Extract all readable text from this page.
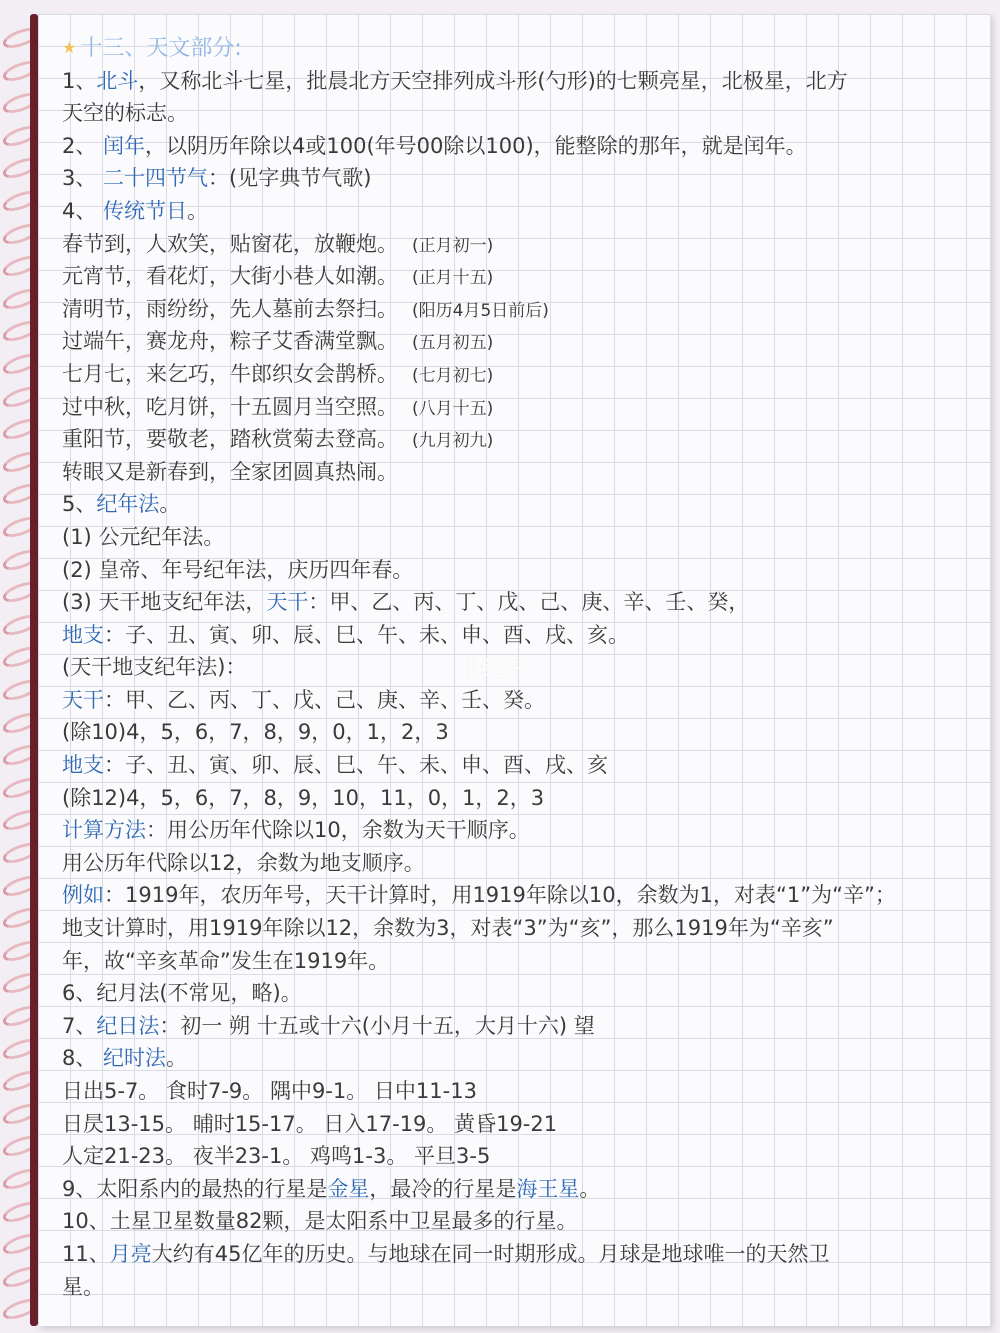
★ 十三、天文部分:
1、北斗，又称北斗七星，批晨北方天空排列成斗形(勺形)的七颗亮星，北极星，北方
天空的标志。
2、 闰年，以阴历年除以4或100(年号00除以100)，能整除的那年，就是闰年。
3、 二十四节气：(见字典节气歌)
4、 传统节日。
春节到，人欢笑，贴窗花，放鞭炮。 (正月初一)
元宵节，看花灯，大街小巷人如潮。 (正月十五)
清明节，雨纷纷，先人墓前去祭扫。 (阳历4月5日前后)
过端午，赛龙舟，粽子艾香满堂飘。 (五月初五)
七月七，来乞巧，牛郎织女会鹊桥。 (七月初七)
过中秋，吃月饼，十五圆月当空照。 (八月十五)
重阳节，要敬老，踏秋赏菊去登高。 (九月初九)
转眼又是新春到，全家团圆真热闹。
5、纪年法。
(1) 公元纪年法。
(2) 皇帝、年号纪年法，庆历四年春。
(3) 天干地支纪年法，天干：甲、乙、丙、丁、戊、己、庚、辛、壬、癸，
地支：子、丑、寅、卯、辰、巳、午、未、申、酉、戌、亥。
(天干地支纪年法)：
天干：甲、乙、丙、丁、戊、己、庚、辛、壬、癸。
(除10)4，5，6，7，8，9，0，1，2，3
地支：子、丑、寅、卯、辰、巳、午、未、申、酉、戌、亥
(除12)4，5，6，7，8，9，10，11，0，1，2，3
计算方法：用公历年代除以10，余数为天干顺序。
用公历年代除以12，余数为地支顺序。
例如：1919年，农历年号，天干计算时，用1919年除以10，余数为1，对表“1”为“辛”；
地支计算时，用1919年除以12，余数为3，对表“3”为“亥”，那么1919年为“辛亥”
年，故“辛亥革命”发生在1919年。
6、纪月法(不常见，略)。
7、纪日法：初一 朔 十五或十六(小月十五，大月十六) 望
8、 纪时法。
日出5-7。 食时7-9。 隅中9-1。 日中11-13
日昃13-15。 晡时15-17。 日入17-19。 黄昏19-21
人定21-23。 夜半23-1。 鸡鸣1-3。 平旦3-5
9、太阳系内的最热的行星是金星，最冷的行星是海王星。
10、土星卫星数量82颗，是太阳系中卫星最多的行星。
11、月亮大约有45亿年的历史。与地球在同一时期形成。月球是地球唯一的天然卫
星。
小红书
